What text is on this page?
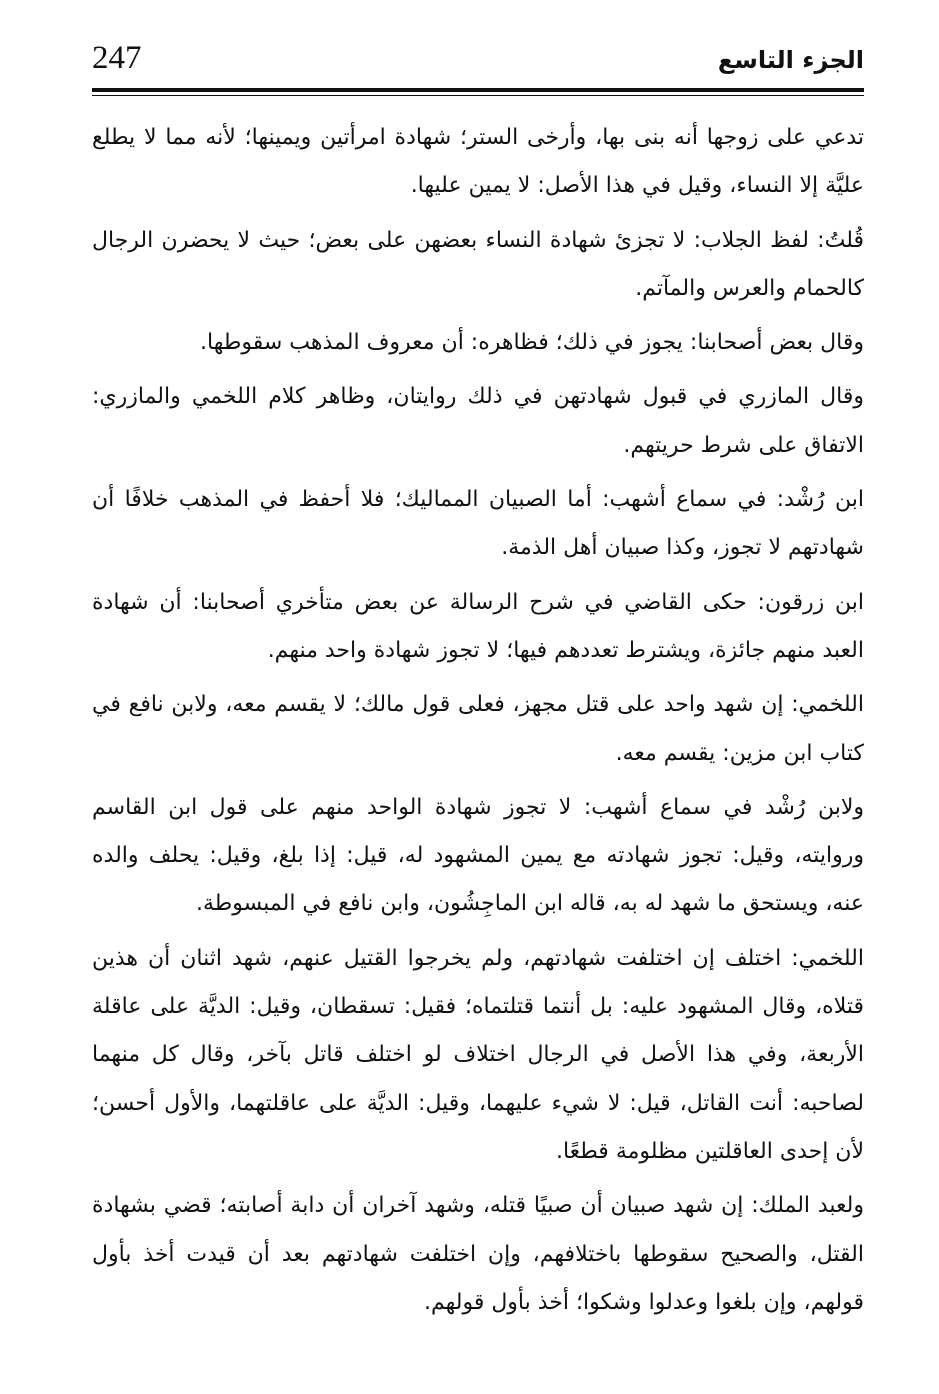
247	الجزء التاسع

تدعي على زوجها أنه بنى بها، وأرخى الستر؛ شهادة امرأتين ويمينها؛ لأنه مما لا يطلع عليَّة إلا النساء، وقيل في هذا الأصل: لا يمين عليها.

قُلتُ: لفظ الجلاب: لا تجزئ شهادة النساء بعضهن على بعض؛ حيث لا يحضرن الرجال كالحمام والعرس والمآتم.

وقال بعض أصحابنا: يجوز في ذلك؛ فظاهره: أن معروف المذهب سقوطها.

وقال المازري في قبول شهادتهن في ذلك روايتان، وظاهر كلام اللخمي والمازري: الاتفاق على شرط حريتهم.

ابن رُشْد: في سماع أشهب: أما الصبيان المماليك؛ فلا أحفظ في المذهب خلافًا أن شهادتهم لا تجوز، وكذا صبيان أهل الذمة.

ابن زرقون: حكى القاضي في شرح الرسالة عن بعض متأخري أصحابنا: أن شهادة العبد منهم جائزة، ويشترط تعددهم فيها؛ لا تجوز شهادة واحد منهم.

اللخمي: إن شهد واحد على قتل مجهز، فعلى قول مالك؛ لا يقسم معه، ولابن نافع في كتاب ابن مزين: يقسم معه.

ولابن رُشْد في سماع أشهب: لا تجوز شهادة الواحد منهم على قول ابن القاسم وروايته، وقيل: تجوز شهادته مع يمين المشهود له، قيل: إذا بلغ، وقيل: يحلف والده عنه، ويستحق ما شهد له به، قاله ابن الماجِشُون، وابن نافع في المبسوطة.

اللخمي: اختلف إن اختلفت شهادتهم، ولم يخرجوا القتيل عنهم، شهد اثنان أن هذين قتلاه، وقال المشهود عليه: بل أنتما قتلتماه؛ فقيل: تسقطان، وقيل: الديَّة على عاقلة الأربعة، وفي هذا الأصل في الرجال اختلاف لو اختلف قاتل بآخر، وقال كل منهما لصاحبه: أنت القاتل، قيل: لا شيء عليهما، وقيل: الديَّة على عاقلتهما، والأول أحسن؛ لأن إحدى العاقلتين مظلومة قطعًا.

ولعبد الملك: إن شهد صبيان أن صبيًا قتله، وشهد آخران أن دابة أصابته؛ قضي بشهادة القتل، والصحيح سقوطها باختلافهم، وإن اختلفت شهادتهم بعد أن قيدت أخذ بأول قولهم، وإن بلغوا وعدلوا وشكوا؛ أخذ بأول قولهم.
